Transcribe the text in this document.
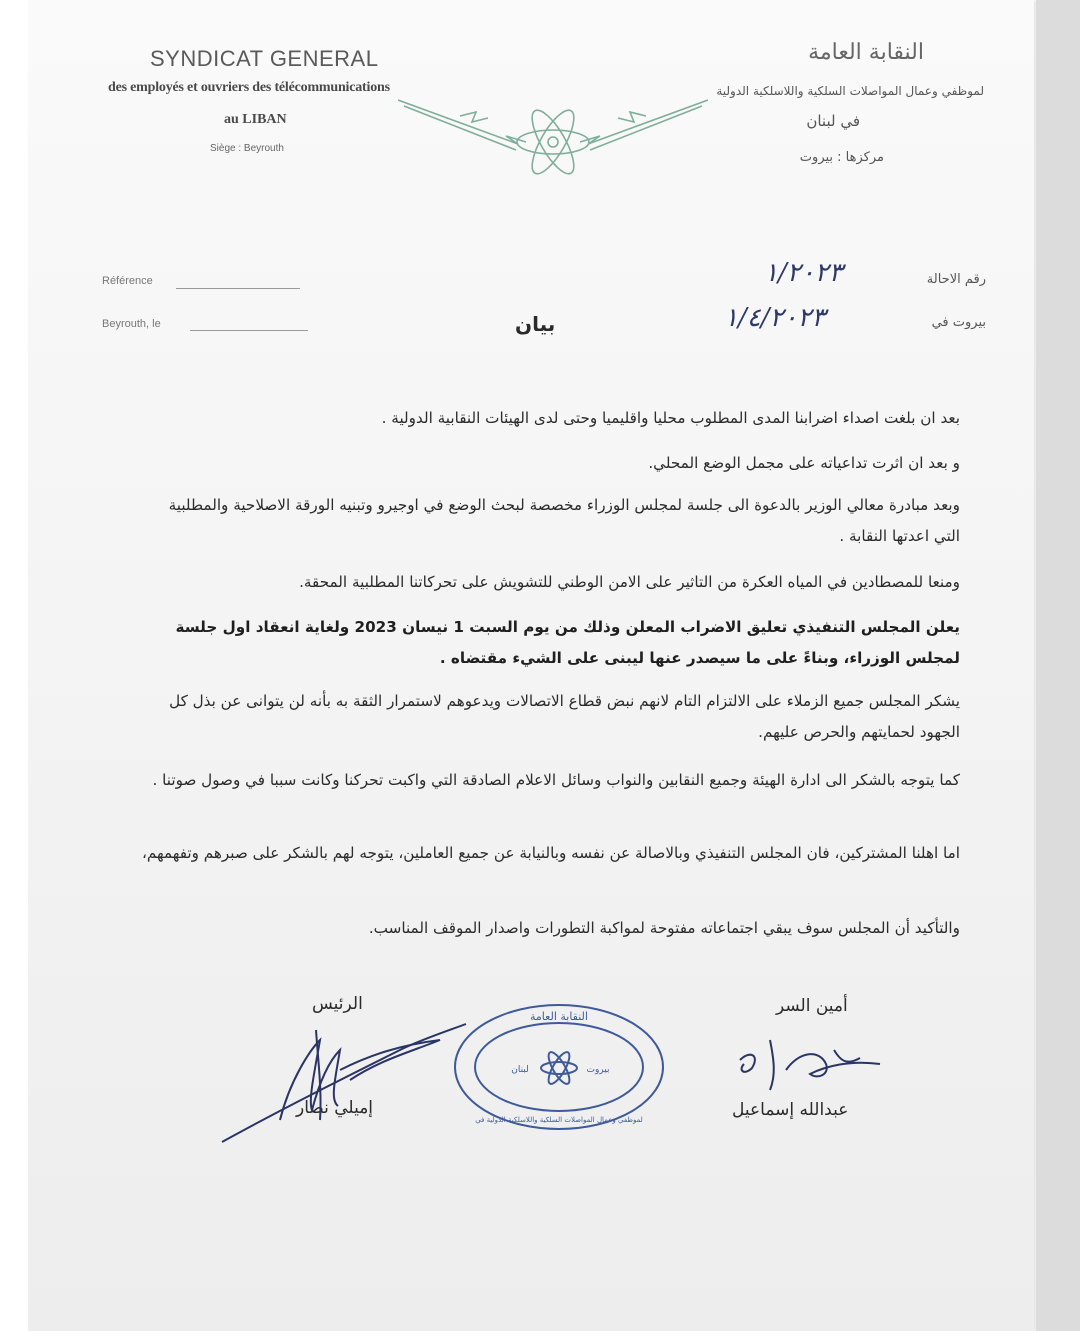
SYNDICAT GENERAL
des employés et ouvriers des télécommunications
au LIBAN
Siège : Beyrouth
النقابة العامة
لموظفي وعمال المواصلات السلكية واللاسلكية الدولية
في لبنان
مركزها : بيروت
Référence
Beyrouth, le
رقم الاحالة
بيروت في
١/٢٠٢٣
١/٤/٢٠٢٣
بيان
بعد ان بلغت اصداء اضرابنا المدى المطلوب محليا واقليميا وحتى لدى الهيئات النقابية الدولية .
و بعد ان اثرت تداعياته على مجمل الوضع المحلي.
وبعد مبادرة معالي الوزير بالدعوة الى جلسة لمجلس الوزراء مخصصة لبحث الوضع في اوجيرو وتبنيه الورقة الاصلاحية والمطلبية التي اعدتها النقابة .
ومنعا للمصطادين في المياه العكرة من التاثير على الامن الوطني للتشويش على تحركاتنا المطلبية المحقة.
يعلن المجلس التنفيذي تعليق الاضراب المعلن وذلك من يوم السبت 1 نيسان 2023 ولغاية انعقاد اول جلسة لمجلس الوزراء، وبناءً على ما سيصدر عنها ليبنى على الشيء مقتضاه .
يشكر المجلس جميع الزملاء على الالتزام التام لانهم نبض قطاع الاتصالات ويدعوهم لاستمرار الثقة به بأنه لن يتوانى عن بذل كل الجهود لحمايتهم والحرص عليهم.
كما يتوجه بالشكر الى ادارة الهيئة وجميع النقابين والنواب وسائل الاعلام الصادقة التي واكبت تحركنا وكانت سببا في وصول صوتنا .
اما اهلنا المشتركين، فان المجلس التنفيذي وبالاصالة عن نفسه وبالنيابة عن جميع العاملين، يتوجه لهم بالشكر على صبرهم وتفهمهم،
والتأكيد أن المجلس سوف يبقي اجتماعاته مفتوحة لمواكبة التطورات واصدار الموقف المناسب.
الرئيس
إميلي نصار
أمين السر
عبدالله إسماعيل
النقابة العامة
لبنان	بيروت
لموظفي وعمال المواصلات السلكية واللاسلكية الدولية في
